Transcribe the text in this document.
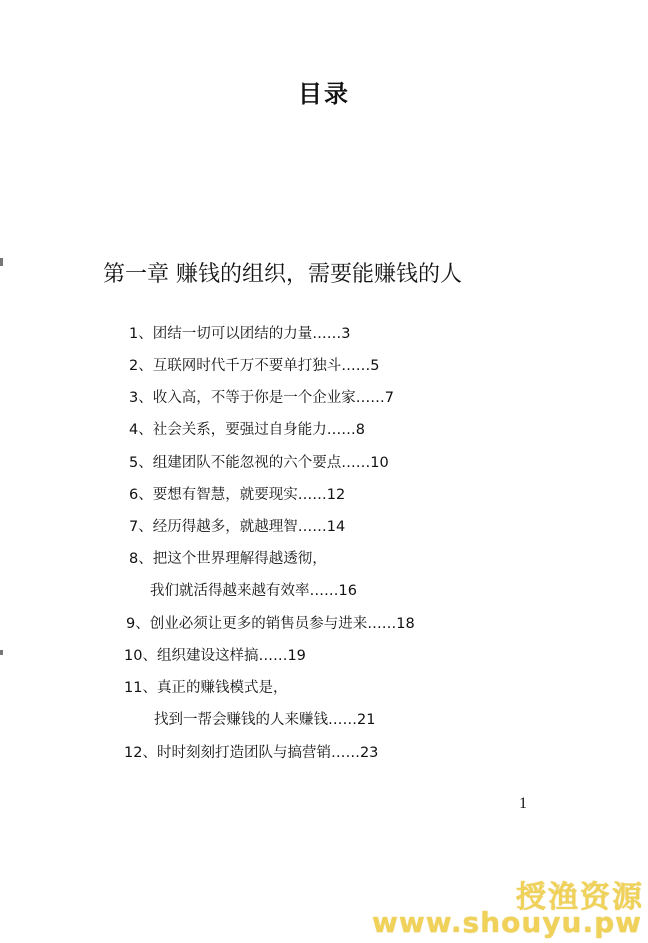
目录
第一章 赚钱的组织，需要能赚钱的人
1、团结一切可以团结的力量……3
2、互联网时代千万不要单打独斗……5
3、收入高，不等于你是一个企业家……7
4、社会关系，要强过自身能力……8
5、组建团队不能忽视的六个要点……10
6、要想有智慧，就要现实……12
7、经历得越多，就越理智……14
8、把这个世界理解得越透彻，
我们就活得越来越有效率……16
9、创业必须让更多的销售员参与进来……18
10、组织建设这样搞……19
11、真正的赚钱模式是，
找到一帮会赚钱的人来赚钱……21
12、时时刻刻打造团队与搞营销……23
1
授渔资源
www.shouyu.pw
